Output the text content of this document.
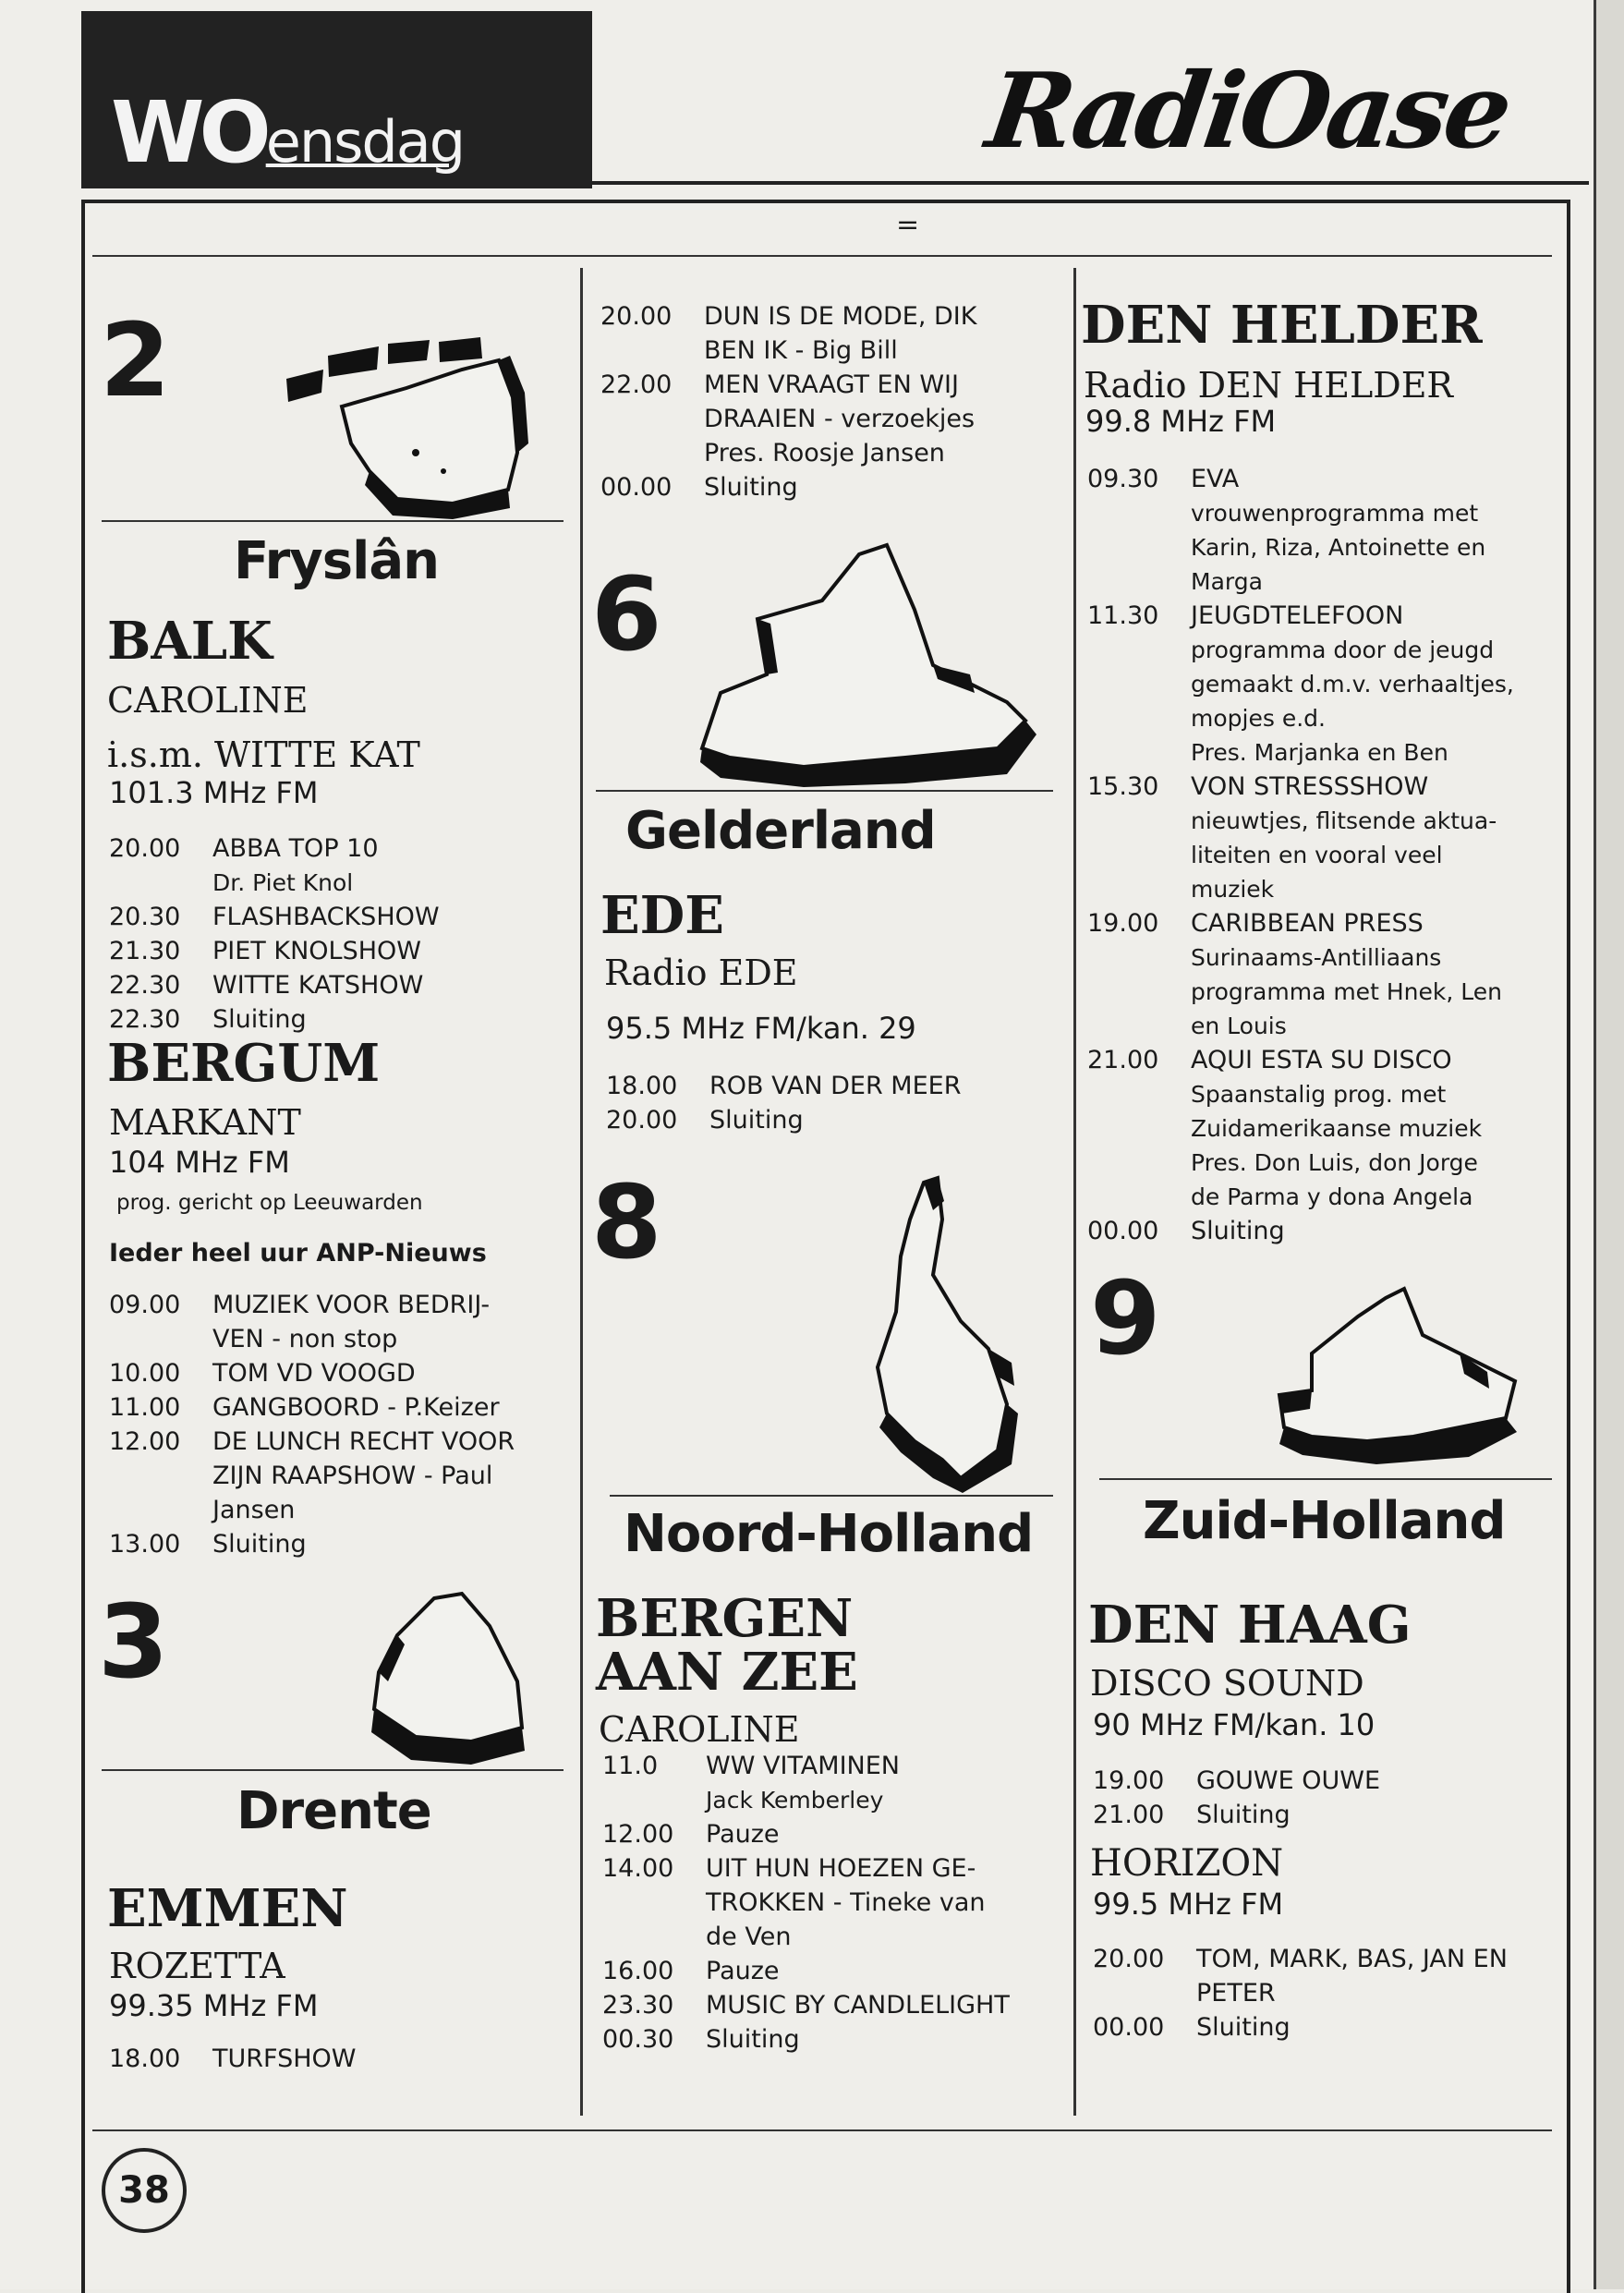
WOensdag	RadiOase
=
2
Fryslân
BALK
CAROLINE
i.s.m. WITTE KAT
101.3 MHz FM
20.00 ABBA TOP 10
Dr. Piet Knol
20.30 FLASHBACKSHOW
21.30 PIET KNOLSHOW
22.30 WITTE KATSHOW
22.30 Sluiting
BERGUM
MARKANT
104 MHz FM
prog. gericht op Leeuwarden
Ieder heel uur ANP-Nieuws
09.00 MUZIEK VOOR BEDRIJ-
VEN - non stop
10.00 TOM VD VOOGD
11.00 GANGBOORD - P.Keizer
12.00 DE LUNCH RECHT VOOR
ZIJN RAAPSHOW - Paul
Jansen
13.00 Sluiting
3
Drente
EMMEN
ROZETTA
99.35 MHz FM
18.00 TURFSHOW
20.00 DUN IS DE MODE, DIK
BEN IK - Big Bill
22.00 MEN VRAAGT EN WIJ
DRAAIEN - verzoekjes
Pres. Roosje Jansen
00.00 Sluiting
6
Gelderland
EDE
Radio EDE
95.5 MHz FM/kan. 29
18.00 ROB VAN DER MEER
20.00 Sluiting
8
Noord-Holland
BERGEN
AAN ZEE
CAROLINE
11.0 WW VITAMINEN
Jack Kemberley
12.00 Pauze
14.00 UIT HUN HOEZEN GE-
TROKKEN - Tineke van
de Ven
16.00 Pauze
23.30 MUSIC BY CANDLELIGHT
00.30 Sluiting
DEN HELDER
Radio DEN HELDER
99.8 MHz FM
09.30 EVA
vrouwenprogramma met
Karin, Riza, Antoinette en
Marga
11.30 JEUGDTELEFOON
programma door de jeugd
gemaakt d.m.v. verhaaltjes,
mopjes e.d.
Pres. Marjanka en Ben
15.30 VON STRESSSHOW
nieuwtjes, flitsende aktua-
liteiten en vooral veel
muziek
19.00 CARIBBEAN PRESS
Surinaams-Antilliaans
programma met Hnek, Len
en Louis
21.00 AQUI ESTA SU DISCO
Spaanstalig prog. met
Zuidamerikaanse muziek
Pres. Don Luis, don Jorge
de Parma y dona Angela
00.00 Sluiting
9
Zuid-Holland
DEN HAAG
DISCO SOUND
90 MHz FM/kan. 10
19.00 GOUWE OUWE
21.00 Sluiting
HORIZON
99.5 MHz FM
20.00 TOM, MARK, BAS, JAN EN
PETER
00.00 Sluiting
38
